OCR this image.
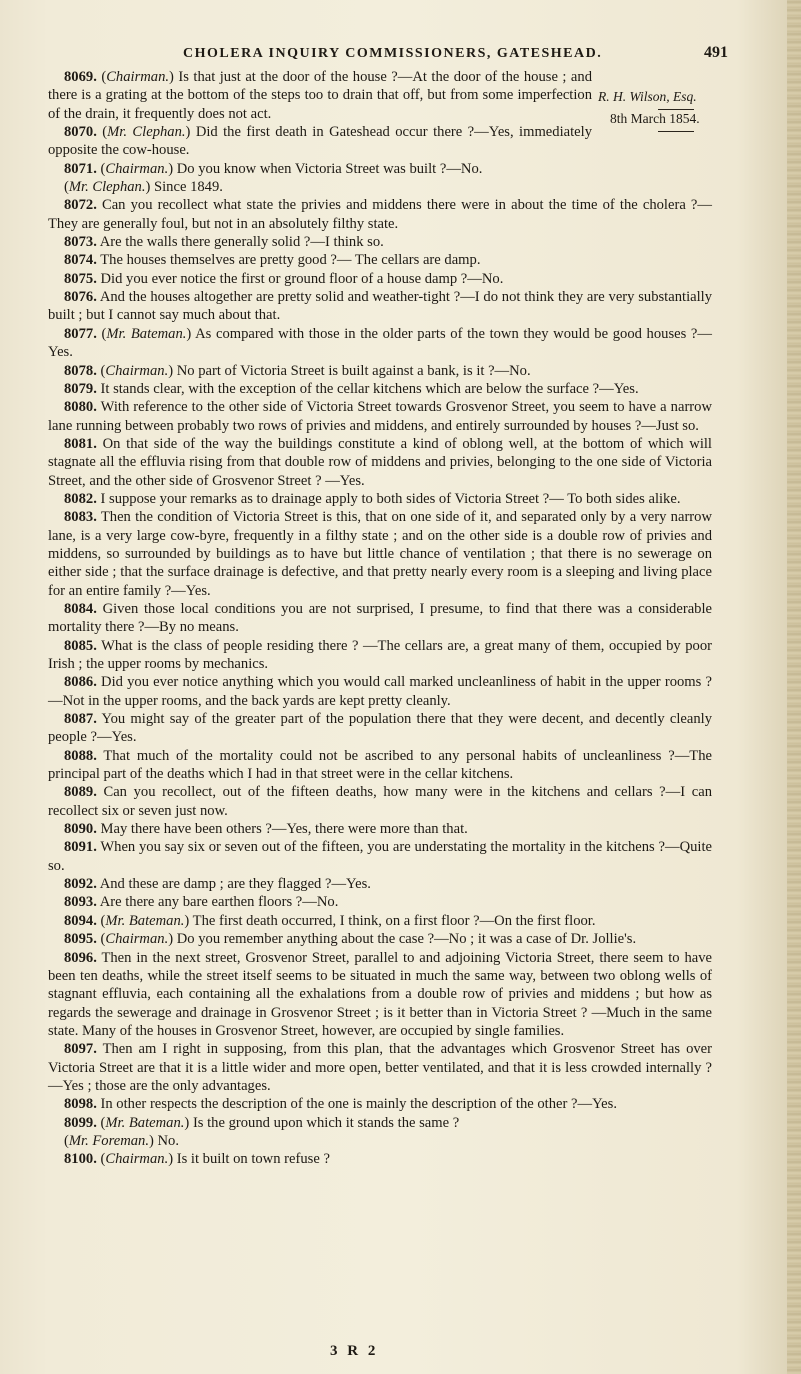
CHOLERA INQUIRY COMMISSIONERS, GATESHEAD.	491
R. H. Wilson, Esq.
8th March 1854.

8069. (Chairman.) Is that just at the door of the house ?—At the door of the house ; and there is a grating at the bottom of the steps too to drain that off, but from some imperfection of the drain, it frequently does not act.

8070. (Mr. Clephan.) Did the first death in Gateshead occur there ?—Yes, immediately opposite the cow-house.

8071. (Chairman.) Do you know when Victoria Street was built ?—No.

(Mr. Clephan.) Since 1849.

8072. Can you recollect what state the privies and middens there were in about the time of the cholera ?—They are generally foul, but not in an absolutely filthy state.

8073. Are the walls there generally solid ?—I think so.

8074. The houses themselves are pretty good ?— The cellars are damp.

8075. Did you ever notice the first or ground floor of a house damp ?—No.

8076. And the houses altogether are pretty solid and weather-tight ?—I do not think they are very substantially built ; but I cannot say much about that.

8077. (Mr. Bateman.) As compared with those in the older parts of the town they would be good houses ?—Yes.

8078. (Chairman.) No part of Victoria Street is built against a bank, is it ?—No.

8079. It stands clear, with the exception of the cellar kitchens which are below the surface ?—Yes.

8080. With reference to the other side of Victoria Street towards Grosvenor Street, you seem to have a narrow lane running between probably two rows of privies and middens, and entirely surrounded by houses ?—Just so.

8081. On that side of the way the buildings constitute a kind of oblong well, at the bottom of which will stagnate all the effluvia rising from that double row of middens and privies, belonging to the one side of Victoria Street, and the other side of Grosvenor Street ? —Yes.

8082. I suppose your remarks as to drainage apply to both sides of Victoria Street ?— To both sides alike.

8083. Then the condition of Victoria Street is this, that on one side of it, and separated only by a very narrow lane, is a very large cow-byre, frequently in a filthy state ; and on the other side is a double row of privies and middens, so surrounded by buildings as to have but little chance of ventilation ; that there is no sewerage on either side ; that the surface drainage is defective, and that pretty nearly every room is a sleeping and living place for an entire family ?—Yes.

8084. Given those local conditions you are not surprised, I presume, to find that there was a considerable mortality there ?—By no means.

8085. What is the class of people residing there ? —The cellars are, a great many of them, occupied by poor Irish ; the upper rooms by mechanics.

8086. Did you ever notice anything which you would call marked uncleanliness of habit in the upper rooms ?—Not in the upper rooms, and the back yards are kept pretty cleanly.

8087. You might say of the greater part of the population there that they were decent, and decently cleanly people ?—Yes.

8088. That much of the mortality could not be ascribed to any personal habits of uncleanliness ?—The principal part of the deaths which I had in that street were in the cellar kitchens.

8089. Can you recollect, out of the fifteen deaths, how many were in the kitchens and cellars ?—I can recollect six or seven just now.

8090. May there have been others ?—Yes, there were more than that.

8091. When you say six or seven out of the fifteen, you are understating the mortality in the kitchens ?—Quite so.

8092. And these are damp ; are they flagged ?—Yes.

8093. Are there any bare earthen floors ?—No.

8094. (Mr. Bateman.) The first death occurred, I think, on a first floor ?—On the first floor.

8095. (Chairman.) Do you remember anything about the case ?—No ; it was a case of Dr. Jollie's.

8096. Then in the next street, Grosvenor Street, parallel to and adjoining Victoria Street, there seem to have been ten deaths, while the street itself seems to be situated in much the same way, between two oblong wells of stagnant effluvia, each containing all the exhalations from a double row of privies and middens ; but how as regards the sewerage and drainage in Grosvenor Street ; is it better than in Victoria Street ? —Much in the same state. Many of the houses in Grosvenor Street, however, are occupied by single families.

8097. Then am I right in supposing, from this plan, that the advantages which Grosvenor Street has over Victoria Street are that it is a little wider and more open, better ventilated, and that it is less crowded internally ?—Yes ; those are the only advantages.

8098. In other respects the description of the one is mainly the description of the other ?—Yes.

8099. (Mr. Bateman.) Is the ground upon which it stands the same ?

(Mr. Foreman.) No.

8100. (Chairman.) Is it built on town refuse ?

3 R 2
